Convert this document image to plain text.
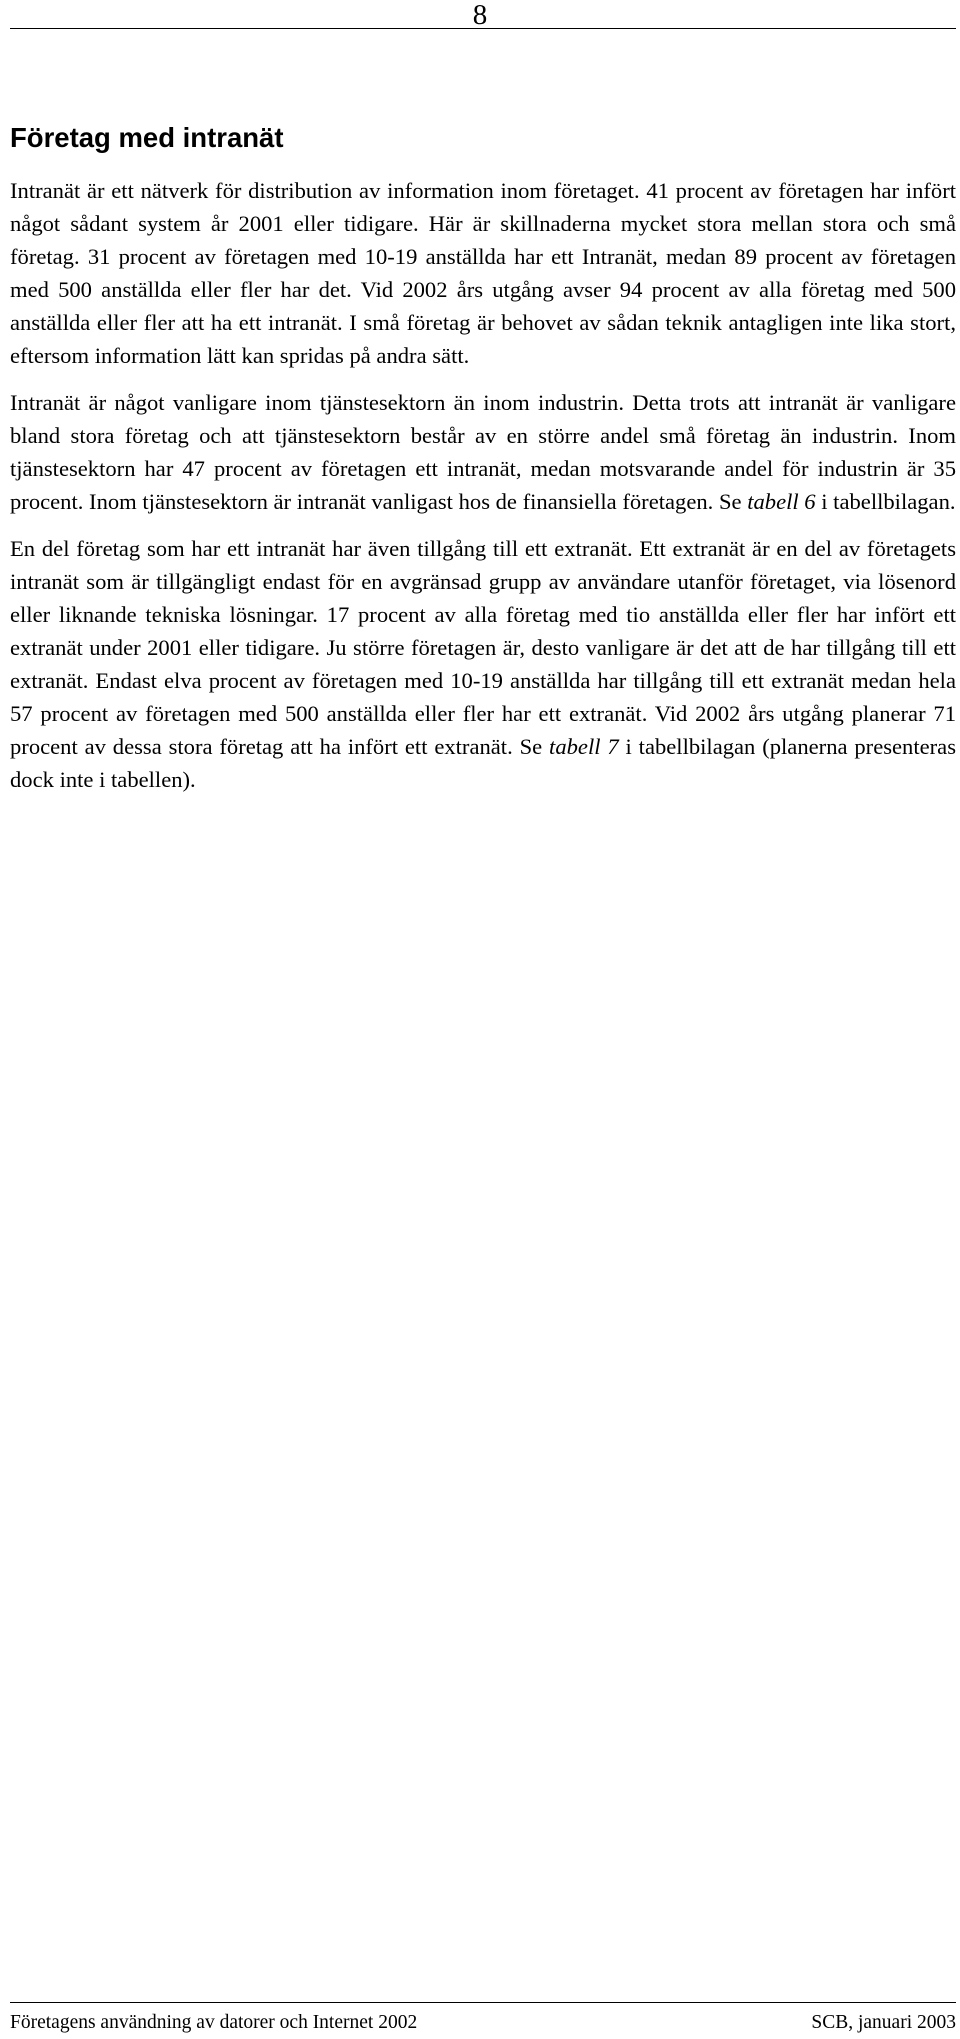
8
Företag med intranät

Intranät är ett nätverk för distribution av information inom företaget. 41 procent av företagen har infört något sådant system år 2001 eller tidigare. Här är skillnaderna mycket stora mellan stora och små företag. 31 procent av företagen med 10-19 anställda har ett Intranät, medan 89 procent av företagen med 500 anställda eller fler har det. Vid 2002 års utgång avser 94 procent av alla företag med 500 anställda eller fler att ha ett intranät. I små företag är behovet av sådan teknik antagligen inte lika stort, eftersom information lätt kan spridas på andra sätt.

Intranät är något vanligare inom tjänstesektorn än inom industrin. Detta trots att intranät är vanligare bland stora företag och att tjänstesektorn består av en större andel små företag än industrin. Inom tjänstesektorn har 47 procent av företagen ett intranät, medan motsvarande andel för industrin är 35 procent. Inom tjänstesektorn är intranät vanligast hos de finansiella företagen. Se tabell 6 i tabellbilagan.

En del företag som har ett intranät har även tillgång till ett extranät. Ett extranät är en del av företagets intranät som är tillgängligt endast för en avgränsad grupp av användare utanför företaget, via lösenord eller liknande tekniska lösningar. 17 procent av alla företag med tio anställda eller fler har infört ett extranät under 2001 eller tidigare. Ju större företagen är, desto vanligare är det att de har tillgång till ett extranät. Endast elva procent av företagen med 10-19 anställda har tillgång till ett extranät medan hela 57 procent av företagen med 500 anställda eller fler har ett extranät. Vid 2002 års utgång planerar 71 procent av dessa stora företag att ha infört ett extranät. Se tabell 7 i tabellbilagan (planerna presenteras dock inte i tabellen).

Företagens användning av datorer och Internet 2002	SCB, januari 2003
